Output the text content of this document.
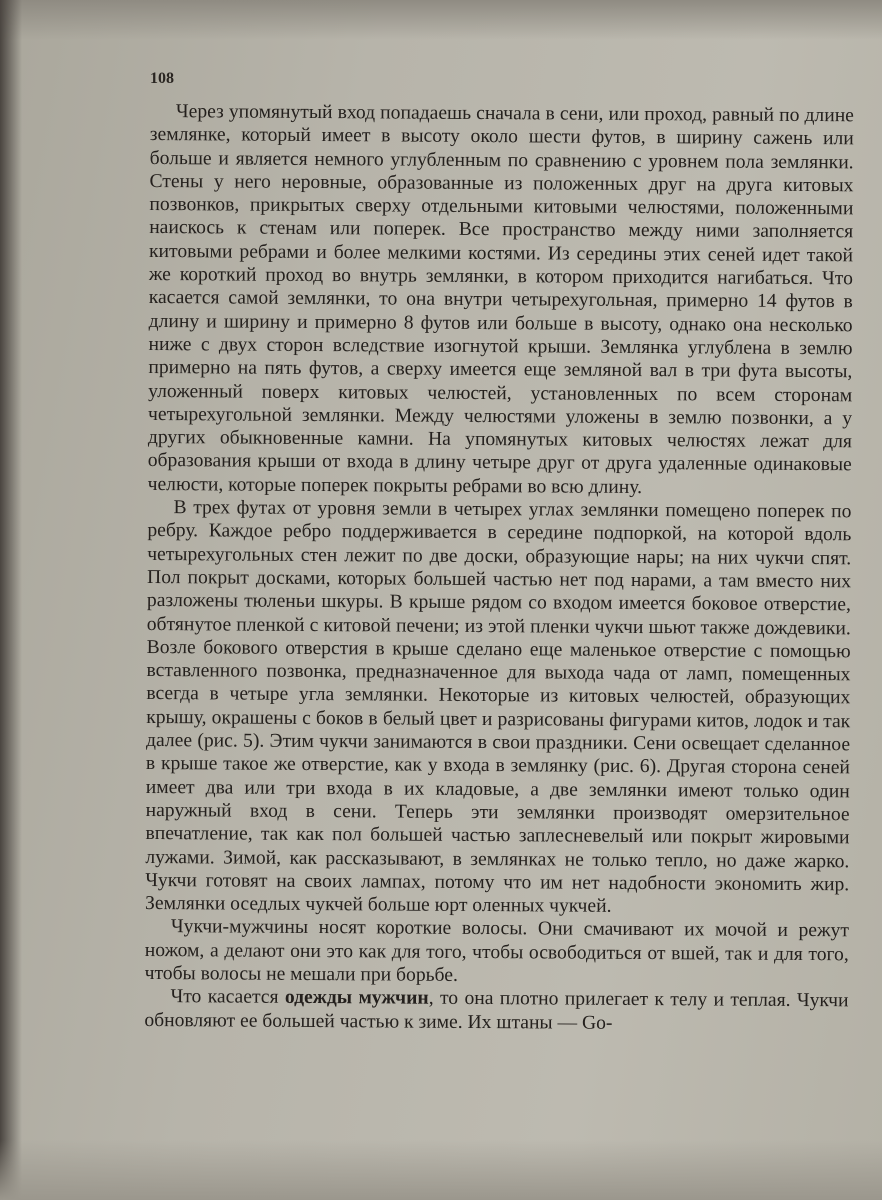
108

Через упомянутый вход попадаешь сначала в сени, или проход, равный по длине землянке, который имеет в высоту около шести футов, в ширину сажень или больше и является немного углубленным по сравнению с уровнем пола землянки. Стены у него неровные, образованные из положенных друг на друга китовых позвонков, прикрытых сверху отдельными китовыми челюстями, положенными наискось к стенам или поперек. Все пространство между ними заполняется китовыми ребрами и более мелкими костями. Из середины этих сеней идет такой же короткий проход во внутрь землянки, в котором приходится нагибаться. Что касается самой землянки, то она внутри четырехугольная, примерно 14 футов в длину и ширину и примерно 8 футов или больше в высоту, однако она несколько ниже с двух сторон вследствие изогнутой крыши. Землянка углублена в землю примерно на пять футов, а сверху имеется еще земляной вал в три фута высоты, уложенный поверх китовых челюстей, установленных по всем сторонам четырехугольной землянки. Между челюстями уложены в землю позвонки, а у других обыкновенные камни. На упомянутых китовых челюстях лежат для образования крыши от входа в длину четыре друг от друга удаленные одинаковые челюсти, которые поперек покрыты ребрами во всю длину.

В трех футах от уровня земли в четырех углах землянки помещено поперек по ребру. Каждое ребро поддерживается в середине подпоркой, на которой вдоль четырехугольных стен лежит по две доски, образующие нары; на них чукчи спят. Пол покрыт досками, которых большей частью нет под нарами, а там вместо них разложены тюленьи шкуры. В крыше рядом со входом имеется боковое отверстие, обтянутое пленкой с китовой печени; из этой пленки чукчи шьют также дождевики. Возле бокового отверстия в крыше сделано еще маленькое отверстие с помощью вставленного позвонка, предназначенное для выхода чада от ламп, помещенных всегда в четыре угла землянки. Некоторые из китовых челюстей, образующих крышу, окрашены с боков в белый цвет и разрисованы фигурами китов, лодок и так далее (рис. 5). Этим чукчи занимаются в свои праздники. Сени освещает сделанное в крыше такое же отверстие, как у входа в землянку (рис. 6). Другая сторона сеней имеет два или три входа в их кладовые, а две землянки имеют только один наружный вход в сени. Теперь эти землянки производят омерзительное впечатление, так как пол большей частью заплесневелый или покрыт жировыми лужами. Зимой, как рассказывают, в землянках не только тепло, но даже жарко. Чукчи готовят на своих лампах, потому что им нет надобности экономить жир. Землянки оседлых чукчей больше юрт оленных чукчей.

Чукчи-мужчины носят короткие волосы. Они смачивают их мочой и режут ножом, а делают они это как для того, чтобы освободиться от вшей, так и для того, чтобы волосы не мешали при борьбе.

Что касается одежды мужчин, то она плотно прилегает к телу и теплая. Чукчи обновляют ее большей частью к зиме. Их штаны — Go-
